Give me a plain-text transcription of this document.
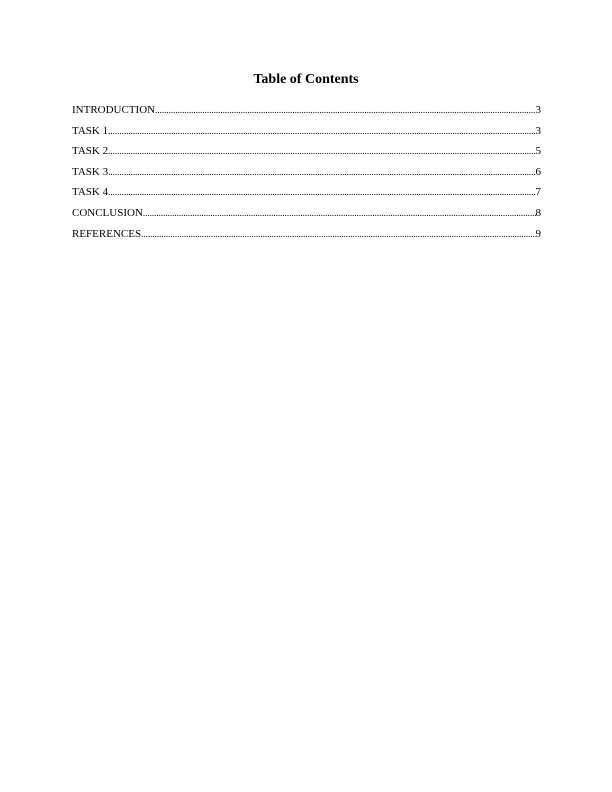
Table of Contents
INTRODUCTION .....	3
TASK 1 .....	3
TASK 2 .....	5
TASK 3 .....	6
TASK 4 .....	7
CONCLUSION .....	8
REFERENCES .....	9
